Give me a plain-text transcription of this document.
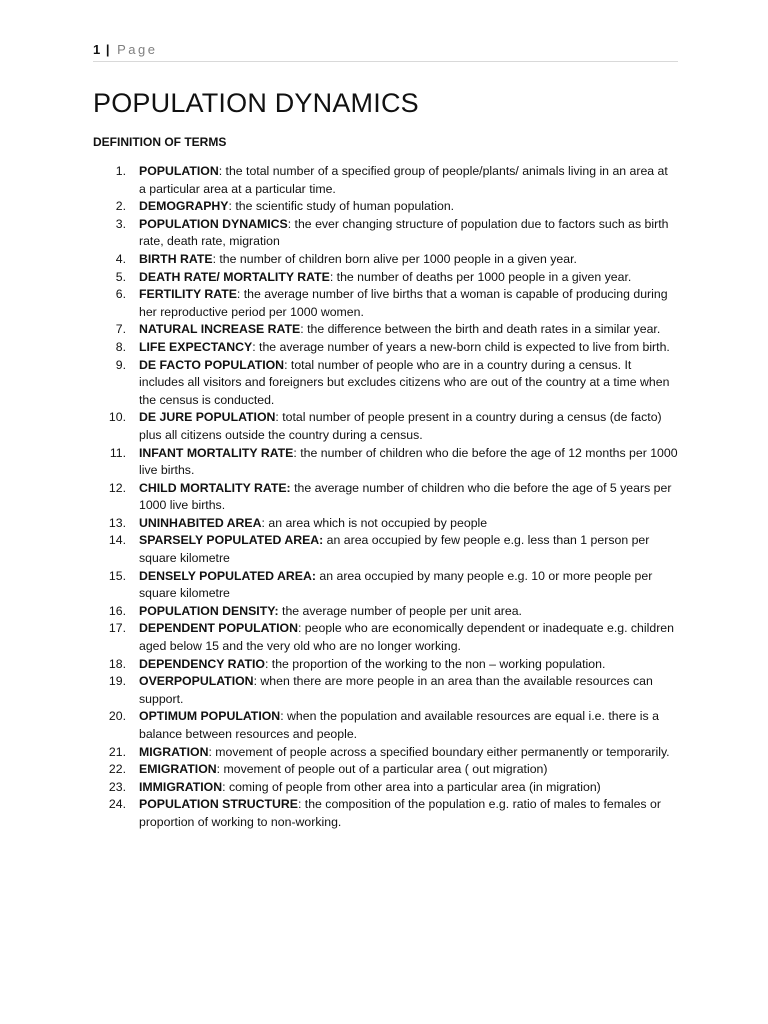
1 | Page
POPULATION DYNAMICS
DEFINITION OF TERMS
1. POPULATION: the total number of a specified group of people/plants/ animals living in an area at a particular area at a particular time.
2. DEMOGRAPHY: the scientific study of human population.
3. POPULATION DYNAMICS: the ever changing structure of population due to factors such as birth rate, death rate, migration
4. BIRTH RATE: the number of children born alive per 1000 people in a given year.
5. DEATH RATE/ MORTALITY RATE: the number of deaths per 1000 people in a given year.
6. FERTILITY RATE: the average number of live births that a woman is capable of producing during her reproductive period per 1000 women.
7. NATURAL INCREASE RATE: the difference between the birth and death rates in a similar year.
8. LIFE EXPECTANCY: the average number of years a new-born child is expected to live from birth.
9. DE FACTO POPULATION: total number of people who are in a country during a census. It includes all visitors and foreigners but excludes citizens who are out of the country at a time when the census is conducted.
10. DE JURE POPULATION: total number of people present in a country during a census (de facto) plus all citizens outside the country during a census.
11. INFANT MORTALITY RATE: the number of children who die before the age of 12 months per 1000 live births.
12. CHILD MORTALITY RATE: the average number of children who die before the age of 5 years per 1000 live births.
13. UNINHABITED AREA: an area which is not occupied by people
14. SPARSELY POPULATED AREA: an area occupied by few people e.g. less than 1 person per square kilometre
15. DENSELY POPULATED AREA: an area occupied by many people e.g. 10 or more people per square kilometre
16. POPULATION DENSITY: the average number of people per unit area.
17. DEPENDENT POPULATION: people who are economically dependent or inadequate e.g. children aged below 15 and the very old who are no longer working.
18. DEPENDENCY RATIO: the proportion of the working to the non – working population.
19. OVERPOPULATION: when there are more people in an area than the available resources can support.
20. OPTIMUM POPULATION: when the population and available resources are equal i.e. there is a balance between resources and people.
21. MIGRATION: movement of people across a specified boundary either permanently or temporarily.
22. EMIGRATION: movement of people out of a particular area ( out migration)
23. IMMIGRATION: coming of people from other area into a particular area (in migration)
24. POPULATION STRUCTURE: the composition of the population e.g. ratio of males to females or proportion of working to non-working.
